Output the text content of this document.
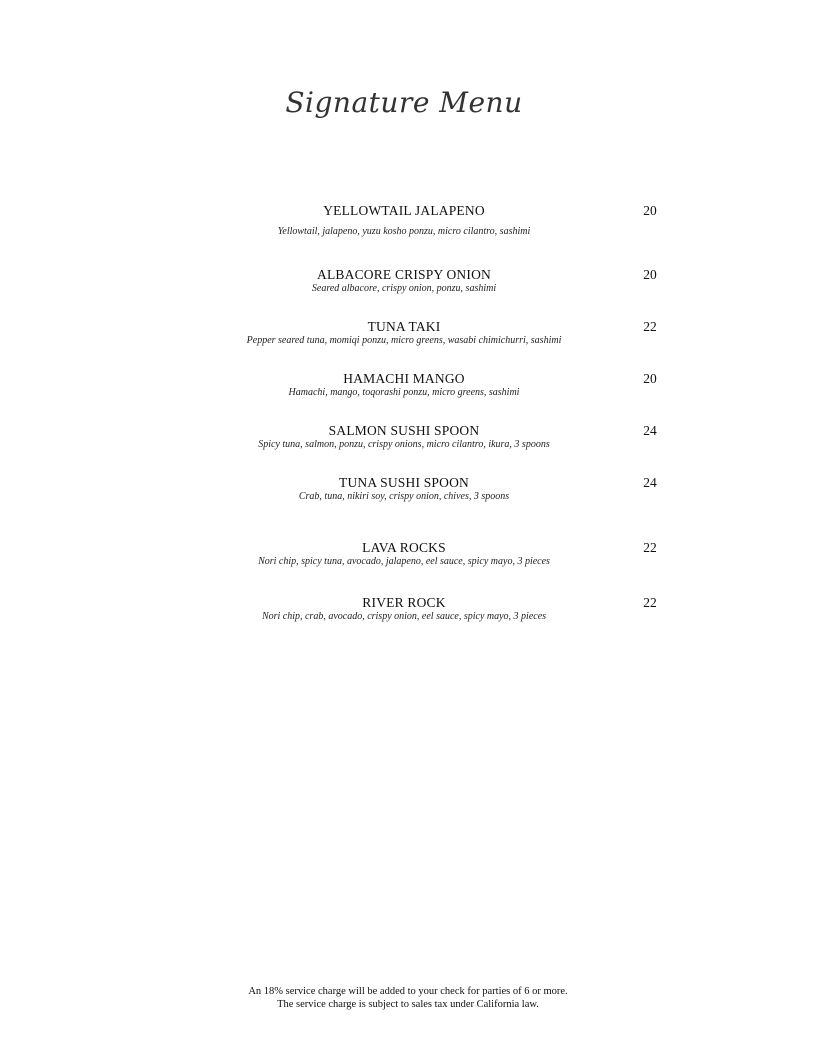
Signature Menu
YELLOWTAIL JALAPENO	20
Yellowtail, jalapeno, yuzu kosho ponzu, micro cilantro, sashimi
ALBACORE CRISPY ONION	20
Seared albacore, crispy onion, ponzu, sashimi
TUNA TAKI	22
Pepper seared tuna, momiqi ponzu, micro greens, wasabi chimichurri, sashimi
HAMACHI MANGO	20
Hamachi, mango, toqorashi ponzu, micro greens, sashimi
SALMON SUSHI SPOON	24
Spicy tuna, salmon, ponzu, crispy onions, micro cilantro, ikura, 3 spoons
TUNA SUSHI SPOON	24
Crab, tuna, nikiri soy, crispy onion, chives, 3 spoons
LAVA ROCKS	22
Nori chip, spicy tuna, avocado, jalapeno, eel sauce, spicy mayo, 3 pieces
RIVER ROCK	22
Nori chip, crab, avocado, crispy onion, eel sauce, spicy mayo, 3 pieces
An 18% service charge will be added to your check for parties of 6 or more.
The service charge is subject to sales tax under California law.
